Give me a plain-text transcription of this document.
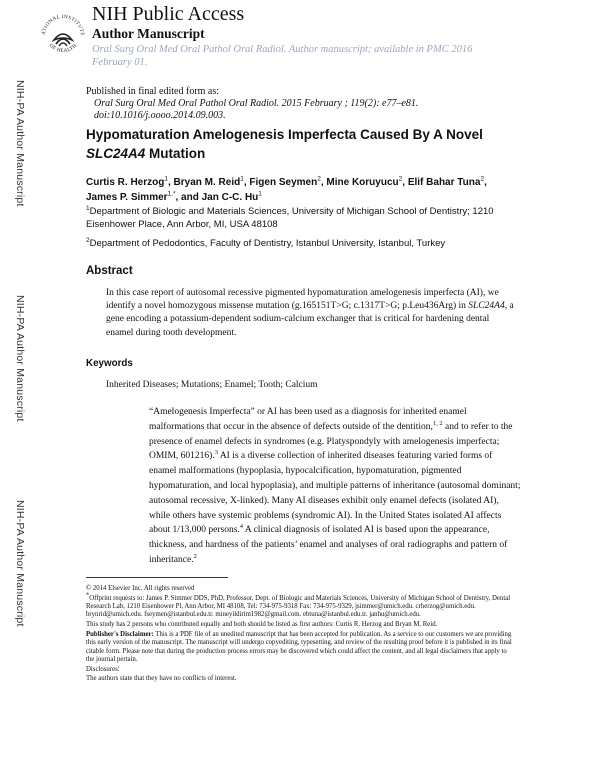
NIH-PA Author Manuscript
NIH-PA Author Manuscript
NIH-PA Author Manuscript
ATIONAL INSTITUTE
OF HEALTH
NIH Public Access
Author Manuscript
Oral Surg Oral Med Oral Pathol Oral Radiol. Author manuscript; available in PMC 2016 February 01.
Published in final edited form as:
Oral Surg Oral Med Oral Pathol Oral Radiol. 2015 February ; 119(2): e77–e81. doi:10.1016/j.oooo.2014.09.003.
Hypomaturation Amelogenesis Imperfecta Caused By A Novel
SLC24A4 Mutation
Curtis R. Herzog$^1$, Bryan M. Reid$^1$, Figen Seymen$^2$, Mine Koruyucu$^2$, Elif Bahar Tuna$^2$,
James P. Simmer$^{1,*}$, and Jan C-C. Hu$^1$
$^1$Department of Biologic and Materials Sciences, University of Michigan School of Dentistry; 1210 Eisenhower Place, Ann Arbor, MI, USA 48108
$^2$Department of Pedodontics, Faculty of Dentistry, Istanbul University, Istanbul, Turkey
Abstract
In this case report of autosomal recessive pigmented hypomaturation amelogenesis imperfecta (AI), we identify a novel homozygous missense mutation (g.165151T>G; c.1317T>G; p.Leu436Arg) in SLC24A4, a gene encoding a potassium-dependent sodium-calcium exchanger that is critical for hardening dental enamel during tooth development.
Keywords
Inherited Diseases; Mutations; Enamel; Tooth; Calcium
“Amelogenesis Imperfecta” or AI has been used as a diagnosis for inherited enamel malformations that occur in the absence of defects outside of the dentition,$^{1, 2}$ and to refer to the presence of enamel defects in syndromes (e.g. Platyspondyly with amelogenesis imperfecta; OMIM, 601216).$^3$ AI is a diverse collection of inherited diseases featuring varied forms of enamel malformations (hypoplasia, hypocalcification, hypomaturation, pigmented hypomaturation, and local hypoplasia), and multiple patterns of inheritance (autosomal dominant; autosomal recessive, X-linked). Many AI diseases exhibit only enamel defects (isolated AI), while others have systemic problems (syndromic AI). In the United States isolated AI affects about 1/13,000 persons.$^4$ A clinical diagnosis of isolated AI is based upon the appearance, thickness, and hardness of the patients’ enamel and analyses of oral radiographs and pattern of inheritance.$^2$

© 2014 Elsevier Inc. All rights reserved

*Offprint requests to: James P. Simmer DDS, PhD, Professor, Dept. of Biologic and Materials Sciences, University of Michigan School of Dentistry, Dental Research Lab, 1210 Eisenhower Pl, Ann Arbor, MI 48108, Tel: 734-975-9318 Fax: 734-975-9329, jsimmer@umich.edu. crherzog@umich.edu. brynrid@umich.edu. fseymen@istanbul.edu.tr. mineyildirim1982@gmail.com. ebtuna@istanbul.edu.tr. janhu@umich.edu.

This study has 2 persons who contributed equally and both should be listed as first authors: Curtis R. Herzog and Bryan M. Reid.

Publisher's Disclaimer: This is a PDF file of an unedited manuscript that has been accepted for publication. As a service to our customers we are providing this early version of the manuscript. The manuscript will undergo copyediting, typesetting, and review of the resulting proof before it is published in its final citable form. Please note that during the production process errors may be discovered which could affect the content, and all legal disclaimers that apply to the journal pertain.

Disclosures:

The authors state that they have no conflicts of interest.
